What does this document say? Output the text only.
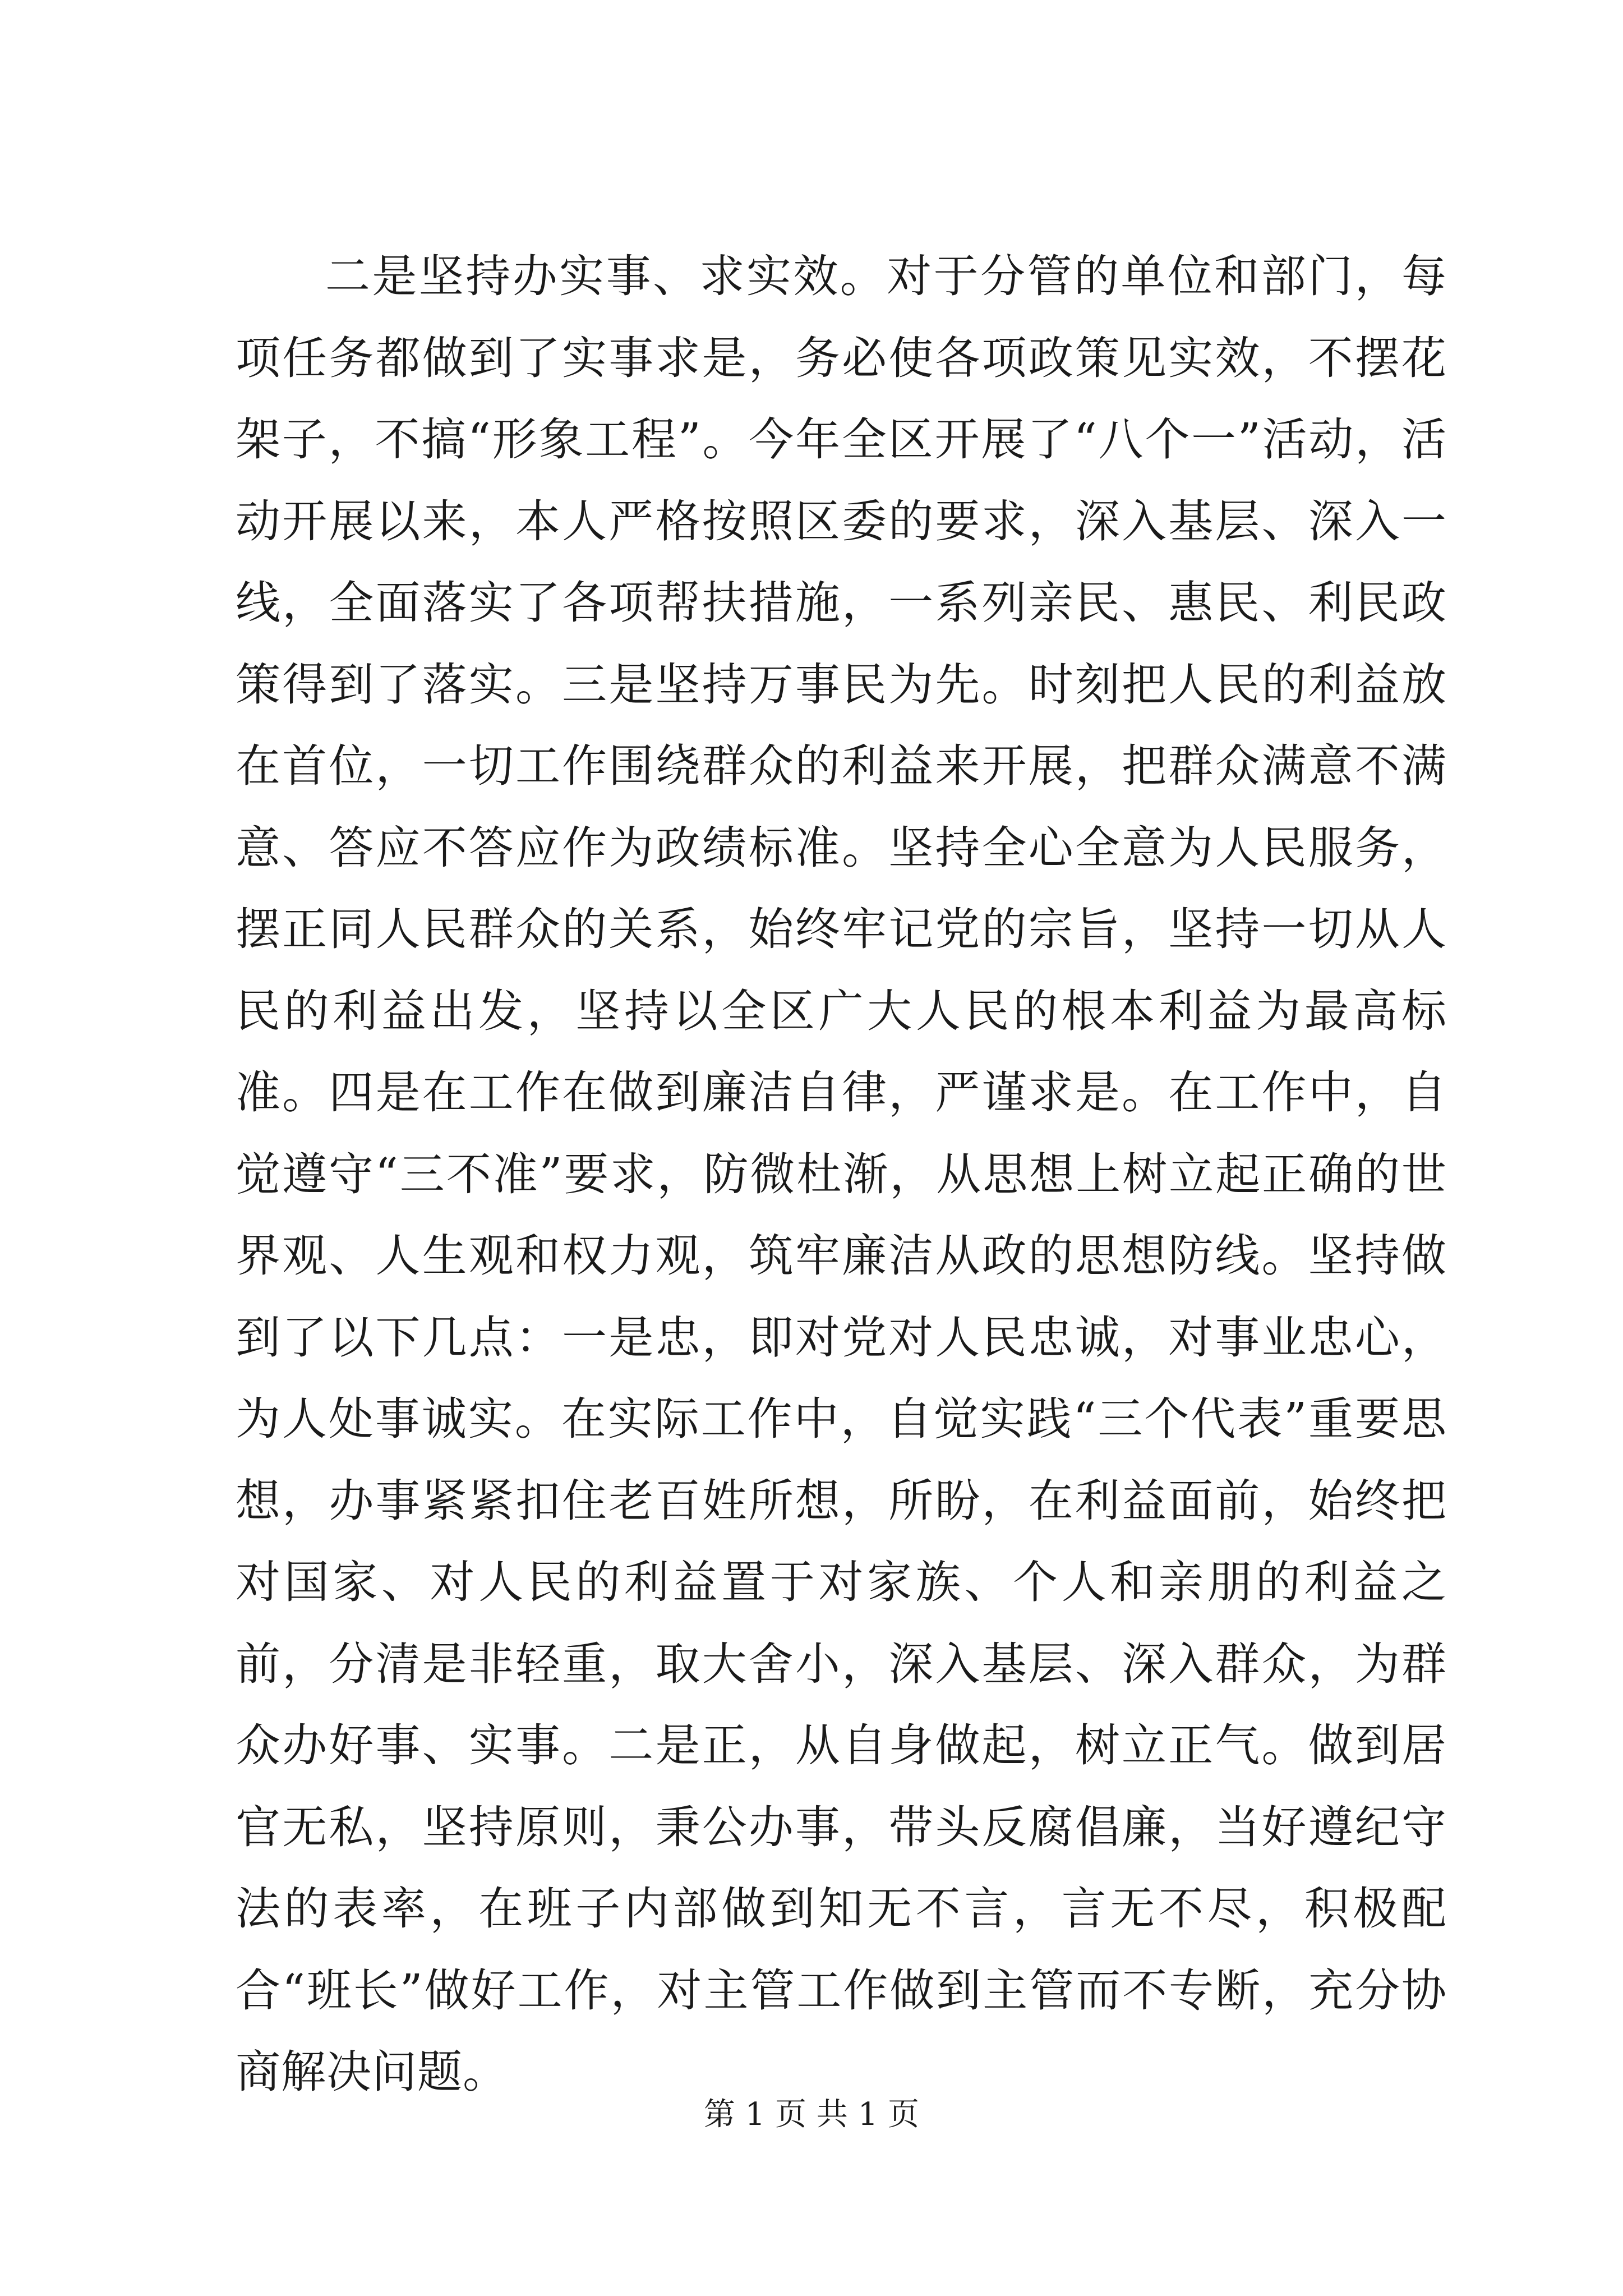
二是坚持办实事、求实效。对于分管的单位和部门，每项任务都做到了实事求是，务必使各项政策见实效，不摆花架子，不搞“形象工程”。今年全区开展了“八个一”活动，活动开展以来，本人严格按照区委的要求，深入基层、深入一线，全面落实了各项帮扶措施，一系列亲民、惠民、利民政策得到了落实。三是坚持万事民为先。时刻把人民的利益放在首位，一切工作围绕群众的利益来开展，把群众满意不满意、答应不答应作为政绩标准。坚持全心全意为人民服务，摆正同人民群众的关系，始终牢记党的宗旨，坚持一切从人民的利益出发，坚持以全区广大人民的根本利益为最高标准。四是在工作在做到廉洁自律，严谨求是。在工作中，自觉遵守“三不准”要求，防微杜渐，从思想上树立起正确的世界观、人生观和权力观，筑牢廉洁从政的思想防线。坚持做到了以下几点：一是忠，即对党对人民忠诚，对事业忠心，为人处事诚实。在实际工作中，自觉实践“三个代表”重要思想，办事紧紧扣住老百姓所想，所盼，在利益面前，始终把对国家、对人民的利益置于对家族、个人和亲朋的利益之前，分清是非轻重，取大舍小，深入基层、深入群众，为群众办好事、实事。二是正，从自身做起，树立正气。做到居官无私，坚持原则，秉公办事，带头反腐倡廉，当好遵纪守法的表率，在班子内部做到知无不言，言无不尽，积极配合“班长”做好工作，对主管工作做到主管而不专断，充分协商解决问题。

第 1 页 共 1 页
